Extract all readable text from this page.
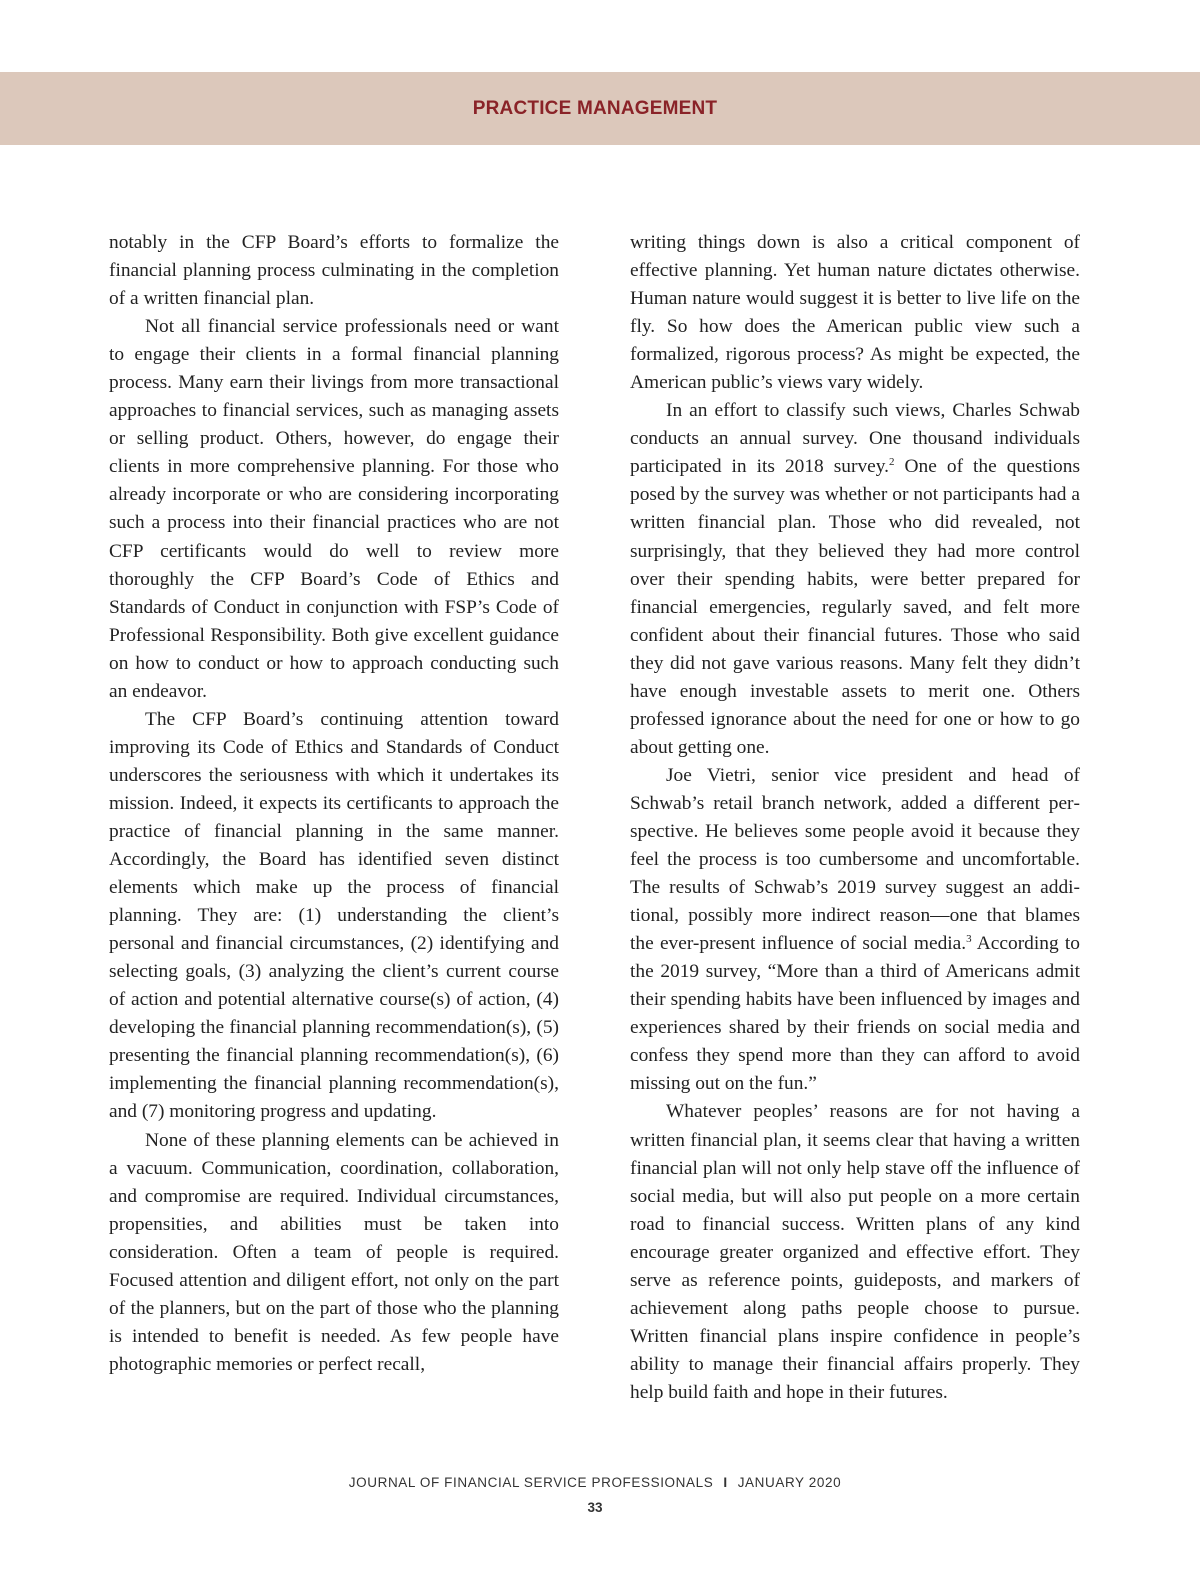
PRACTICE MANAGEMENT

notably in the CFP Board’s efforts to formalize the financial planning process culminating in the completion of a written financial plan.

Not all financial service professionals need or want to engage their clients in a formal financial planning process. Many earn their livings from more transactional approaches to financial services, such as managing assets or selling product. Others, however, do engage their clients in more comprehensive planning. For those who already incorporate or who are considering incorporating such a process into their financial practices who are not CFP certificants would do well to review more thoroughly the CFP Board’s Code of Ethics and Standards of Conduct in conjunction with FSP’s Code of Professional Responsibility. Both give excellent guidance on how to conduct or how to approach conducting such an endeavor.

The CFP Board’s continuing attention toward improving its Code of Ethics and Standards of Conduct underscores the seriousness with which it undertakes its mission. Indeed, it expects its certificants to approach the practice of financial planning in the same manner. Accordingly, the Board has identified seven distinct elements which make up the process of financial planning. They are: (1) understanding the client’s personal and financial circumstances, (2) identifying and selecting goals, (3) analyzing the client’s current course of action and potential alternative course(s) of action, (4) developing the financial planning recommendation(s), (5) presenting the financial planning recommendation(s), (6) implementing the financial planning recommendation(s), and (7) monitoring progress and updating.

None of these planning elements can be achieved in a vacuum. Communication, coordination, collaboration, and compromise are required. Individual circumstances, propensities, and abilities must be taken into consideration. Often a team of people is required. Focused attention and diligent effort, not only on the part of the planners, but on the part of those who the planning is intended to benefit is needed. As few people have photographic memories or perfect recall,

writing things down is also a critical component of effective planning. Yet human nature dictates otherwise. Human nature would suggest it is better to live life on the fly. So how does the American public view such a formalized, rigorous process? As might be expected, the American public’s views vary widely.

In an effort to classify such views, Charles Schwab conducts an annual survey. One thousand individuals participated in its 2018 survey.$^2$ One of the questions posed by the survey was whether or not participants had a written financial plan. Those who did revealed, not surprisingly, that they believed they had more control over their spending habits, were better prepared for financial emergencies, regularly saved, and felt more confident about their financial futures. Those who said they did not gave various reasons. Many felt they didn’t have enough investable assets to merit one. Others professed ignorance about the need for one or how to go about getting one.

Joe Vietri, senior vice president and head of Schwab’s retail branch network, added a different perspective. He believes some people avoid it because they feel the process is too cumbersome and uncomfortable. The results of Schwab’s 2019 survey suggest an additional, possibly more indirect reason—one that blames the ever-present influence of social media.$^3$ According to the 2019 survey, “More than a third of Americans admit their spending habits have been influenced by images and experiences shared by their friends on social media and confess they spend more than they can afford to avoid missing out on the fun.”

Whatever peoples’ reasons are for not having a written financial plan, it seems clear that having a written financial plan will not only help stave off the influence of social media, but will also put people on a more certain road to financial success. Written plans of any kind encourage greater organized and effective effort. They serve as reference points, guideposts, and markers of achievement along paths people choose to pursue. Written financial plans inspire confidence in people’s ability to manage their financial affairs properly. They help build faith and hope in their futures.

JOURNAL OF FINANCIAL SERVICE PROFESSIONALS I JANUARY 2020
33
